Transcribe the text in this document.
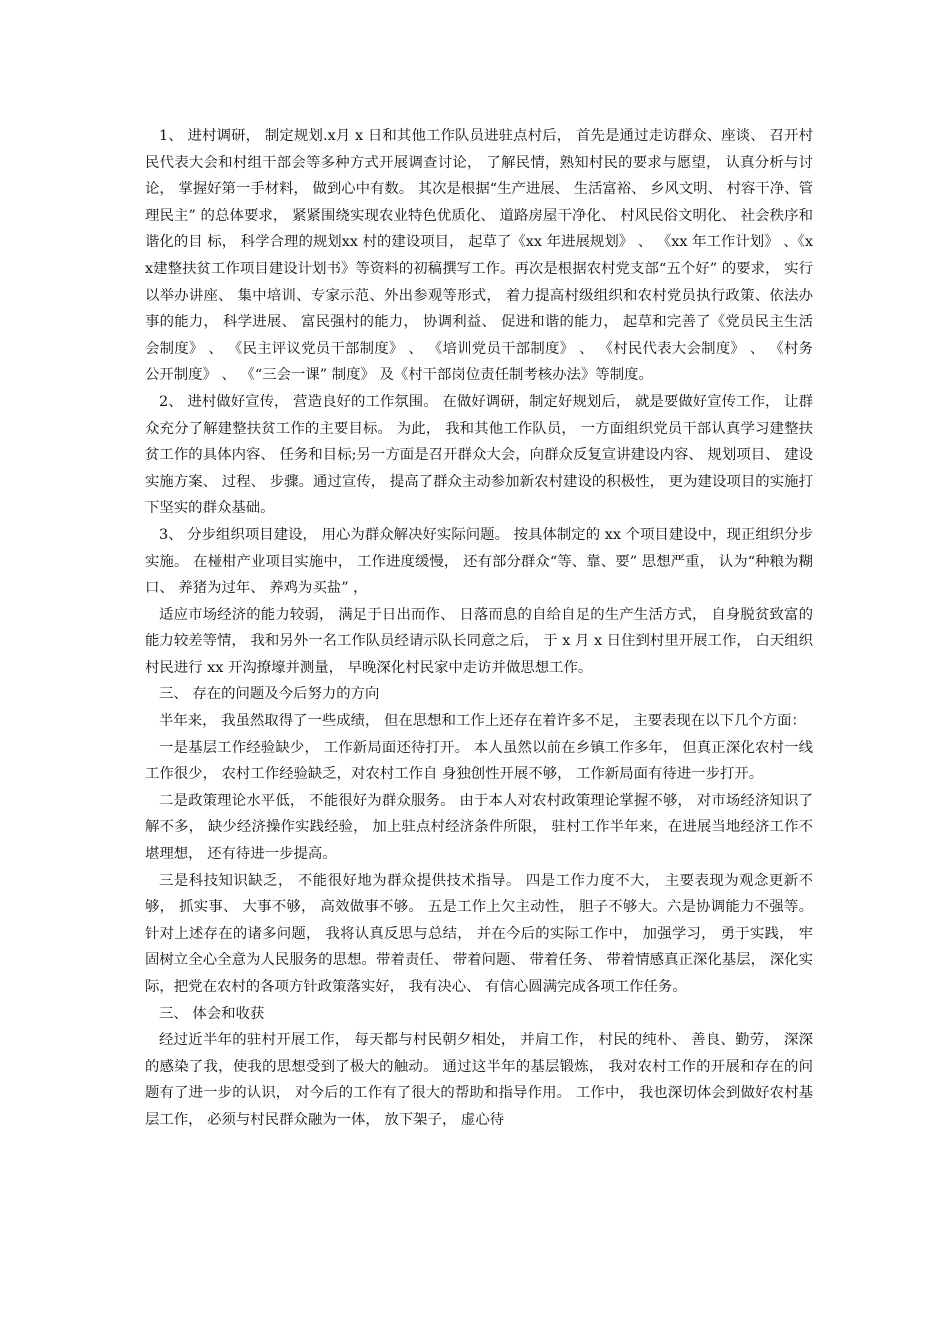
1、 进村调研， 制定规划.x月 x 日和其他工作队员进驻点村后， 首先是通过走访群众、座谈、 召开村民代表大会和村组干部会等多种方式开展调查讨论， 了解民情，熟知村民的要求与愿望， 认真分析与讨论， 掌握好第一手材料， 做到心中有数。 其次是根据“生产进展、 生活富裕、 乡风文明、 村容干净、管理民主” 的总体要求， 紧紧围绕实现农业特色优质化、 道路房屋干净化、 村风民俗文明化、 社会秩序和谐化的目 标， 科学合理的规划xx 村的建设项目， 起草了《xx 年进展规划》 、 《xx 年工作计划》 、《xx建整扶贫工作项目建设计划书》等资料的初稿撰写工作。再次是根据农村党支部“五个好” 的要求， 实行以举办讲座、 集中培训、专家示范、外出参观等形式， 着力提高村级组织和农村党员执行政策、依法办事的能力， 科学进展、 富民强村的能力， 协调利益、 促进和谐的能力， 起草和完善了《党员民主生活会制度》 、 《民主评议党员干部制度》 、 《培训党员干部制度》 、 《村民代表大会制度》 、 《村务公开制度》 、 《“三会一课” 制度》 及《村干部岗位责任制考核办法》等制度。

2、 进村做好宣传， 营造良好的工作氛围。 在做好调研，制定好规划后， 就是要做好宣传工作， 让群众充分了解建整扶贫工作的主要目标。 为此， 我和其他工作队员， 一方面组织党员干部认真学习建整扶贫工作的具体内容、 任务和目标;另一方面是召开群众大会，向群众反复宣讲建设内容、 规划项目、 建设实施方案、 过程、 步骤。通过宣传， 提高了群众主动参加新农村建设的积极性， 更为建设项目的实施打下坚实的群众基础。

3、 分步组织项目建设， 用心为群众解决好实际问题。 按具体制定的 xx 个项目建设中，现正组织分步实施。 在椪柑产业项目实施中， 工作进度缓慢， 还有部分群众“等、靠、要” 思想严重， 认为“种粮为糊口、 养猪为过年、 养鸡为买盐” ，

适应市场经济的能力较弱， 满足于日出而作、 日落而息的自给自足的生产生活方式， 自身脱贫致富的能力较差等情， 我和另外一名工作队员经请示队长同意之后， 于 x 月 x 日住到村里开展工作， 白天组织村民进行 xx 开沟撩壕并测量， 早晚深化村民家中走访并做思想工作。

三、 存在的问题及今后努力的方向

半年来， 我虽然取得了一些成绩， 但在思想和工作上还存在着许多不足， 主要表现在以下几个方面：

一是基层工作经验缺少， 工作新局面还待打开。 本人虽然以前在乡镇工作多年， 但真正深化农村一线工作很少， 农村工作经验缺乏，对农村工作自 身独创性开展不够， 工作新局面有待进一步打开。

二是政策理论水平低， 不能很好为群众服务。 由于本人对农村政策理论掌握不够， 对市场经济知识了解不多， 缺少经济操作实践经验， 加上驻点村经济条件所限， 驻村工作半年来，在进展当地经济工作不堪理想， 还有待进一步提高。

三是科技知识缺乏， 不能很好地为群众提供技术指导。 四是工作力度不大， 主要表现为观念更新不够， 抓实事、 大事不够， 高效做事不够。 五是工作上欠主动性， 胆子不够大。六是协调能力不强等。针对上述存在的诸多问题， 我将认真反思与总结， 并在今后的实际工作中， 加强学习， 勇于实践， 牢固树立全心全意为人民服务的思想。带着责任、 带着问题、 带着任务、 带着情感真正深化基层， 深化实际，把党在农村的各项方针政策落实好， 我有决心、 有信心圆满完成各项工作任务。

三、 体会和收获

经过近半年的驻村开展工作， 每天都与村民朝夕相处， 并肩工作， 村民的纯朴、 善良、勤劳， 深深的感染了我，使我的思想受到了极大的触动。 通过这半年的基层锻炼， 我对农村工作的开展和存在的问题有了进一步的认识， 对今后的工作有了很大的帮助和指导作用。 工作中， 我也深切体会到做好农村基层工作， 必须与村民群众融为一体， 放下架子， 虚心待
